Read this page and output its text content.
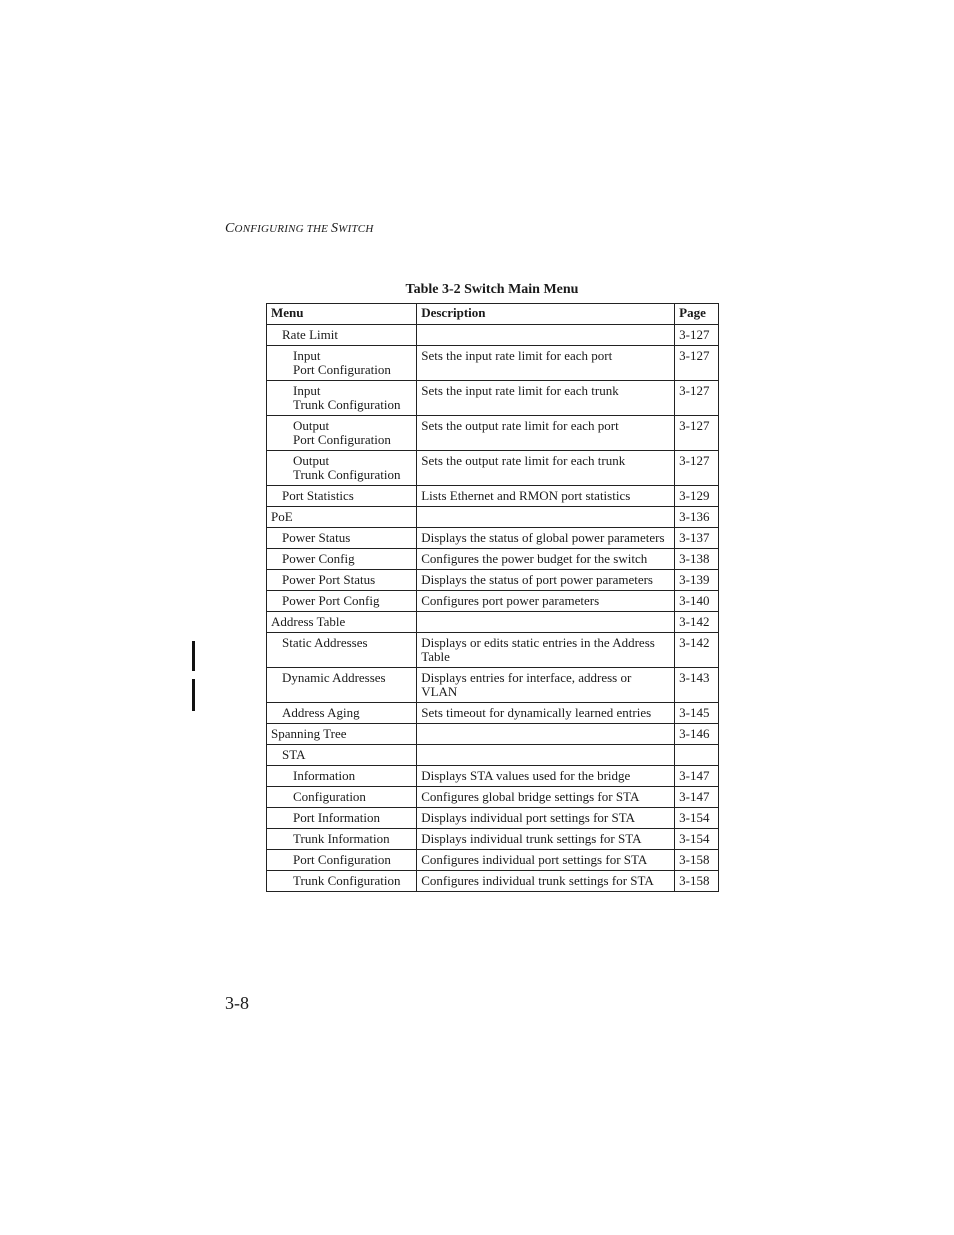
CONFIGURING THE SWITCH
Table 3-2 Switch Main Menu
Menu	Description	Page

Rate Limit		3-127

Input
Port Configuration	Sets the input rate limit for each port	3-127

Input
Trunk Configuration	Sets the input rate limit for each trunk	3-127

Output
Port Configuration	Sets the output rate limit for each port	3-127

Output
Trunk Configuration	Sets the output rate limit for each trunk	3-127

Port Statistics	Lists Ethernet and RMON port statistics	3-129

PoE		3-136

Power Status	Displays the status of global power parameters	3-137

Power Config	Configures the power budget for the switch	3-138

Power Port Status	Displays the status of port power parameters	3-139

Power Port Config	Configures port power parameters	3-140

Address Table		3-142

Static Addresses	Displays or edits static entries in the Address Table	3-142

Dynamic Addresses	Displays entries for interface, address or VLAN	3-143

Address Aging	Sets timeout for dynamically learned entries	3-145

Spanning Tree		3-146

STA		

Information	Displays STA values used for the bridge	3-147

Configuration	Configures global bridge settings for STA	3-147

Port Information	Displays individual port settings for STA	3-154

Trunk Information	Displays individual trunk settings for STA	3-154

Port Configuration	Configures individual port settings for STA	3-158

Trunk Configuration	Configures individual trunk settings for STA	3-158
3-8
